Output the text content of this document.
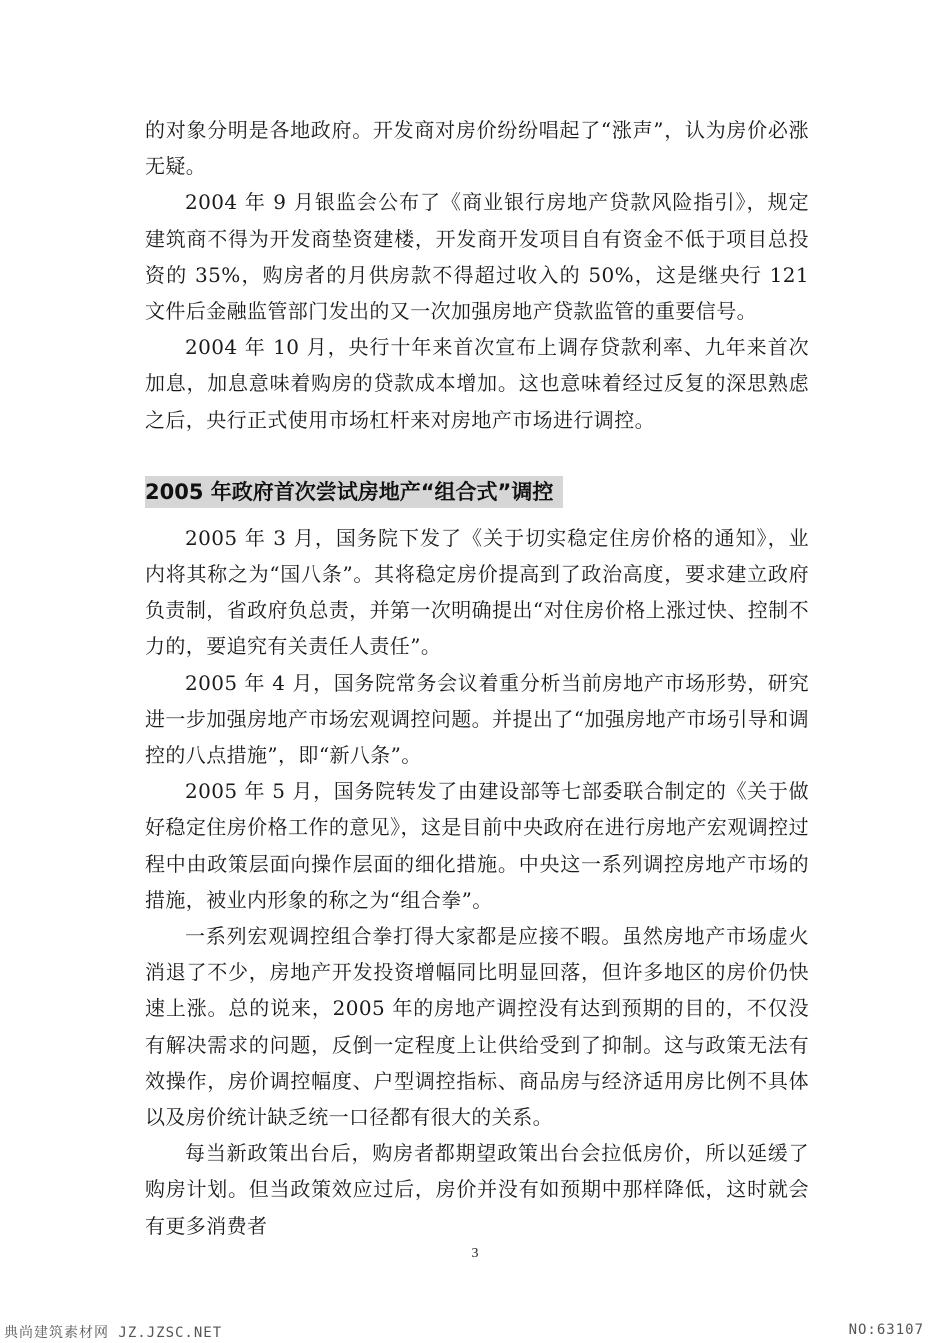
的对象分明是各地政府。开发商对房价纷纷唱起了“涨声”，认为房价必涨无疑。

2004 年 9 月银监会公布了《商业银行房地产贷款风险指引》，规定建筑商不得为开发商垫资建楼，开发商开发项目自有资金不低于项目总投资的 35%，购房者的月供房款不得超过收入的 50%，这是继央行 121 文件后金融监管部门发出的又一次加强房地产贷款监管的重要信号。

2004 年 10 月，央行十年来首次宣布上调存贷款利率、九年来首次加息，加息意味着购房的贷款成本增加。这也意味着经过反复的深思熟虑之后，央行正式使用市场杠杆来对房地产市场进行调控。

2005 年政府首次尝试房地产“组合式”调控

2005 年 3 月，国务院下发了《关于切实稳定住房价格的通知》，业内将其称之为“国八条”。其将稳定房价提高到了政治高度，要求建立政府负责制，省政府负总责，并第一次明确提出“对住房价格上涨过快、控制不力的，要追究有关责任人责任”。

2005 年 4 月，国务院常务会议着重分析当前房地产市场形势，研究进一步加强房地产市场宏观调控问题。并提出了“加强房地产市场引导和调控的八点措施”，即“新八条”。

2005 年 5 月，国务院转发了由建设部等七部委联合制定的《关于做好稳定住房价格工作的意见》，这是目前中央政府在进行房地产宏观调控过程中由政策层面向操作层面的细化措施。中央这一系列调控房地产市场的措施，被业内形象的称之为“组合拳”。

一系列宏观调控组合拳打得大家都是应接不暇。虽然房地产市场虚火消退了不少，房地产开发投资增幅同比明显回落，但许多地区的房价仍快速上涨。总的说来，2005 年的房地产调控没有达到预期的目的，不仅没有解决需求的问题，反倒一定程度上让供给受到了抑制。这与政策无法有效操作，房价调控幅度、户型调控指标、商品房与经济适用房比例不具体以及房价统计缺乏统一口径都有很大的关系。

每当新政策出台后，购房者都期望政策出台会拉低房价，所以延缓了购房计划。但当政策效应过后，房价并没有如预期中那样降低，这时就会有更多消费者

3
典尚建筑素材网 JZ.JZSC.NET	NO:63107
